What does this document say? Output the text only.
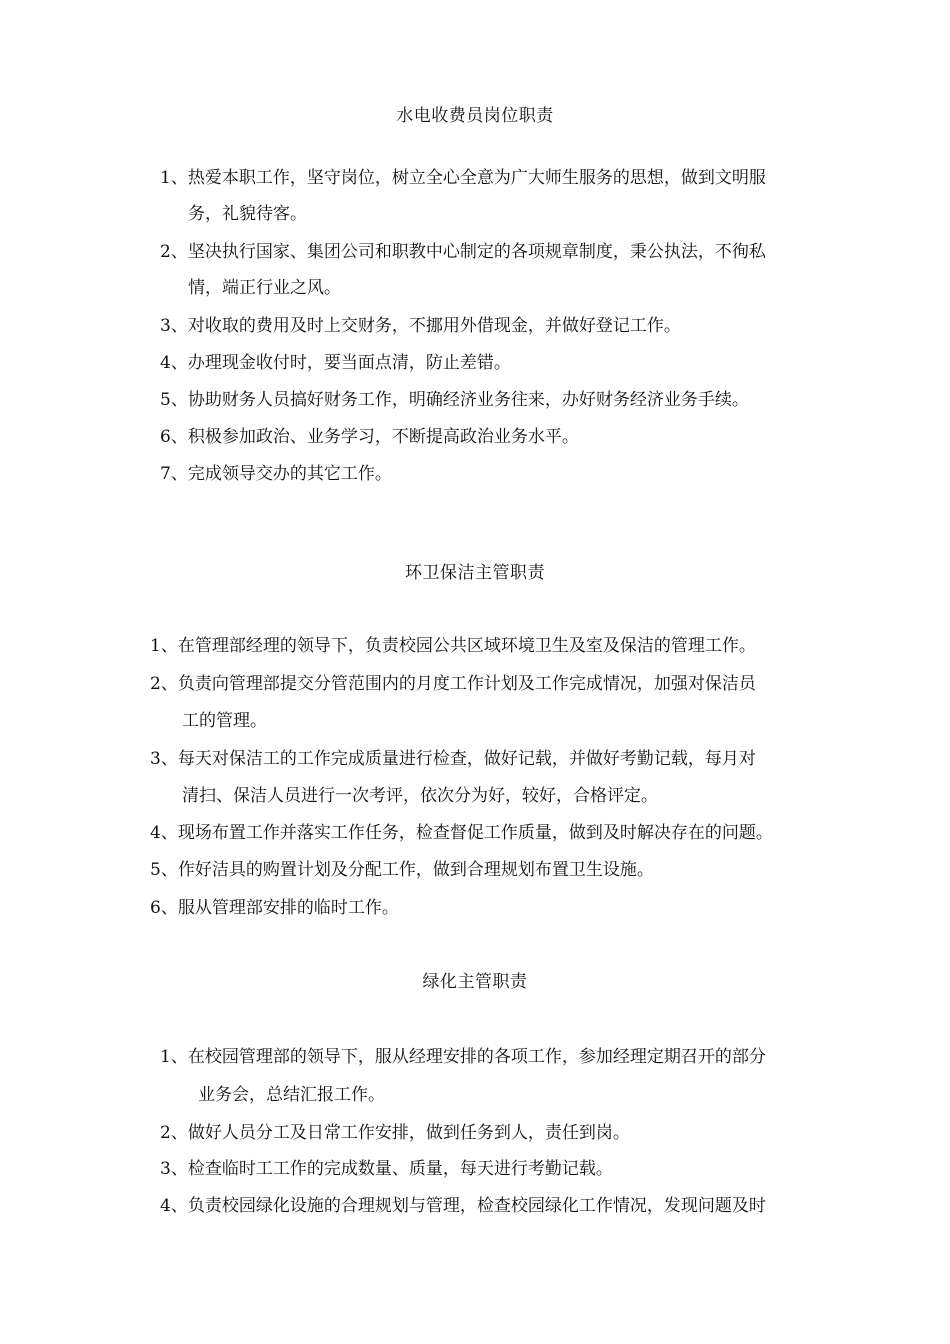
水电收费员岗位职责
1、热爱本职工作，坚守岗位，树立全心全意为广大师生服务的思想，做到文明服
务，礼貌待客。
2、坚决执行国家、集团公司和职教中心制定的各项规章制度，秉公执法，不徇私
情，端正行业之风。
3、对收取的费用及时上交财务，不挪用外借现金，并做好登记工作。
4、办理现金收付时，要当面点清，防止差错。
5、协助财务人员搞好财务工作，明确经济业务往来，办好财务经济业务手续。
6、积极参加政治、业务学习，不断提高政治业务水平。
7、完成领导交办的其它工作。
环卫保洁主管职责
1、在管理部经理的领导下，负责校园公共区域环境卫生及室及保洁的管理工作。
2、负责向管理部提交分管范围内的月度工作计划及工作完成情况，加强对保洁员
工的管理。
3、每天对保洁工的工作完成质量进行检查，做好记载，并做好考勤记载，每月对
清扫、保洁人员进行一次考评，依次分为好，较好，合格评定。
4、现场布置工作并落实工作任务，检查督促工作质量，做到及时解决存在的问题。
5、作好洁具的购置计划及分配工作，做到合理规划布置卫生设施。
6、服从管理部安排的临时工作。
绿化主管职责
1、在校园管理部的领导下，服从经理安排的各项工作，参加经理定期召开的部分
业务会，总结汇报工作。
2、做好人员分工及日常工作安排，做到任务到人，责任到岗。
3、检查临时工工作的完成数量、质量，每天进行考勤记载。
4、负责校园绿化设施的合理规划与管理，检查校园绿化工作情况，发现问题及时
